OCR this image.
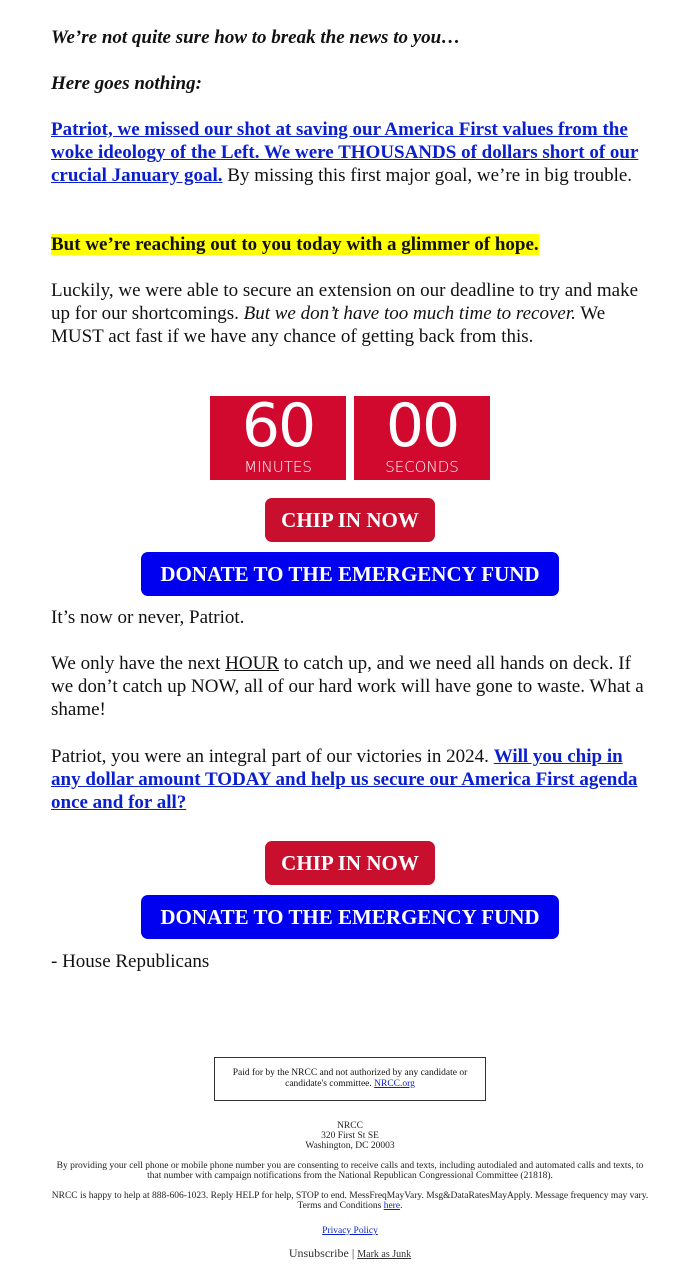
We’re not quite sure how to break the news to you…

Here goes nothing:

Patriot, we missed our shot at saving our America First values from the woke ideology of the Left. We were THOUSANDS of dollars short of our crucial January goal. By missing this first major goal, we’re in big trouble.

But we’re reaching out to you today with a glimmer of hope.

Luckily, we were able to secure an extension on our deadline to try and make up for our shortcomings. But we don’t have too much time to recover. We MUST act fast if we have any chance of getting back from this.

60
MINUTES
00
SECONDS
CHIP IN NOW
DONATE TO THE EMERGENCY FUND

It’s now or never, Patriot.

We only have the next HOUR to catch up, and we need all hands on deck. If we don’t catch up NOW, all of our hard work will have gone to waste. What a shame!

Patriot, you were an integral part of our victories in 2024. Will you chip in any dollar amount TODAY and help us secure our America First agenda once and for all?

CHIP IN NOW
DONATE TO THE EMERGENCY FUND

- House Republicans

Paid for by the NRCC and not authorized by any candidate or candidate's committee. NRCC.org
NRCC
320 First St SE
Washington, DC 20003
By providing your cell phone or mobile phone number you are consenting to receive calls and texts, including autodialed and automated calls and texts, to that number with campaign notifications from the National Republican Congressional Committee (21818).
NRCC is happy to help at 888-606-1023. Reply HELP for help, STOP to end. MessFreqMayVary. Msg&DataRatesMayApply. Message frequency may vary. Terms and Conditions here.
Privacy Policy
Unsubscribe | Mark as Junk
